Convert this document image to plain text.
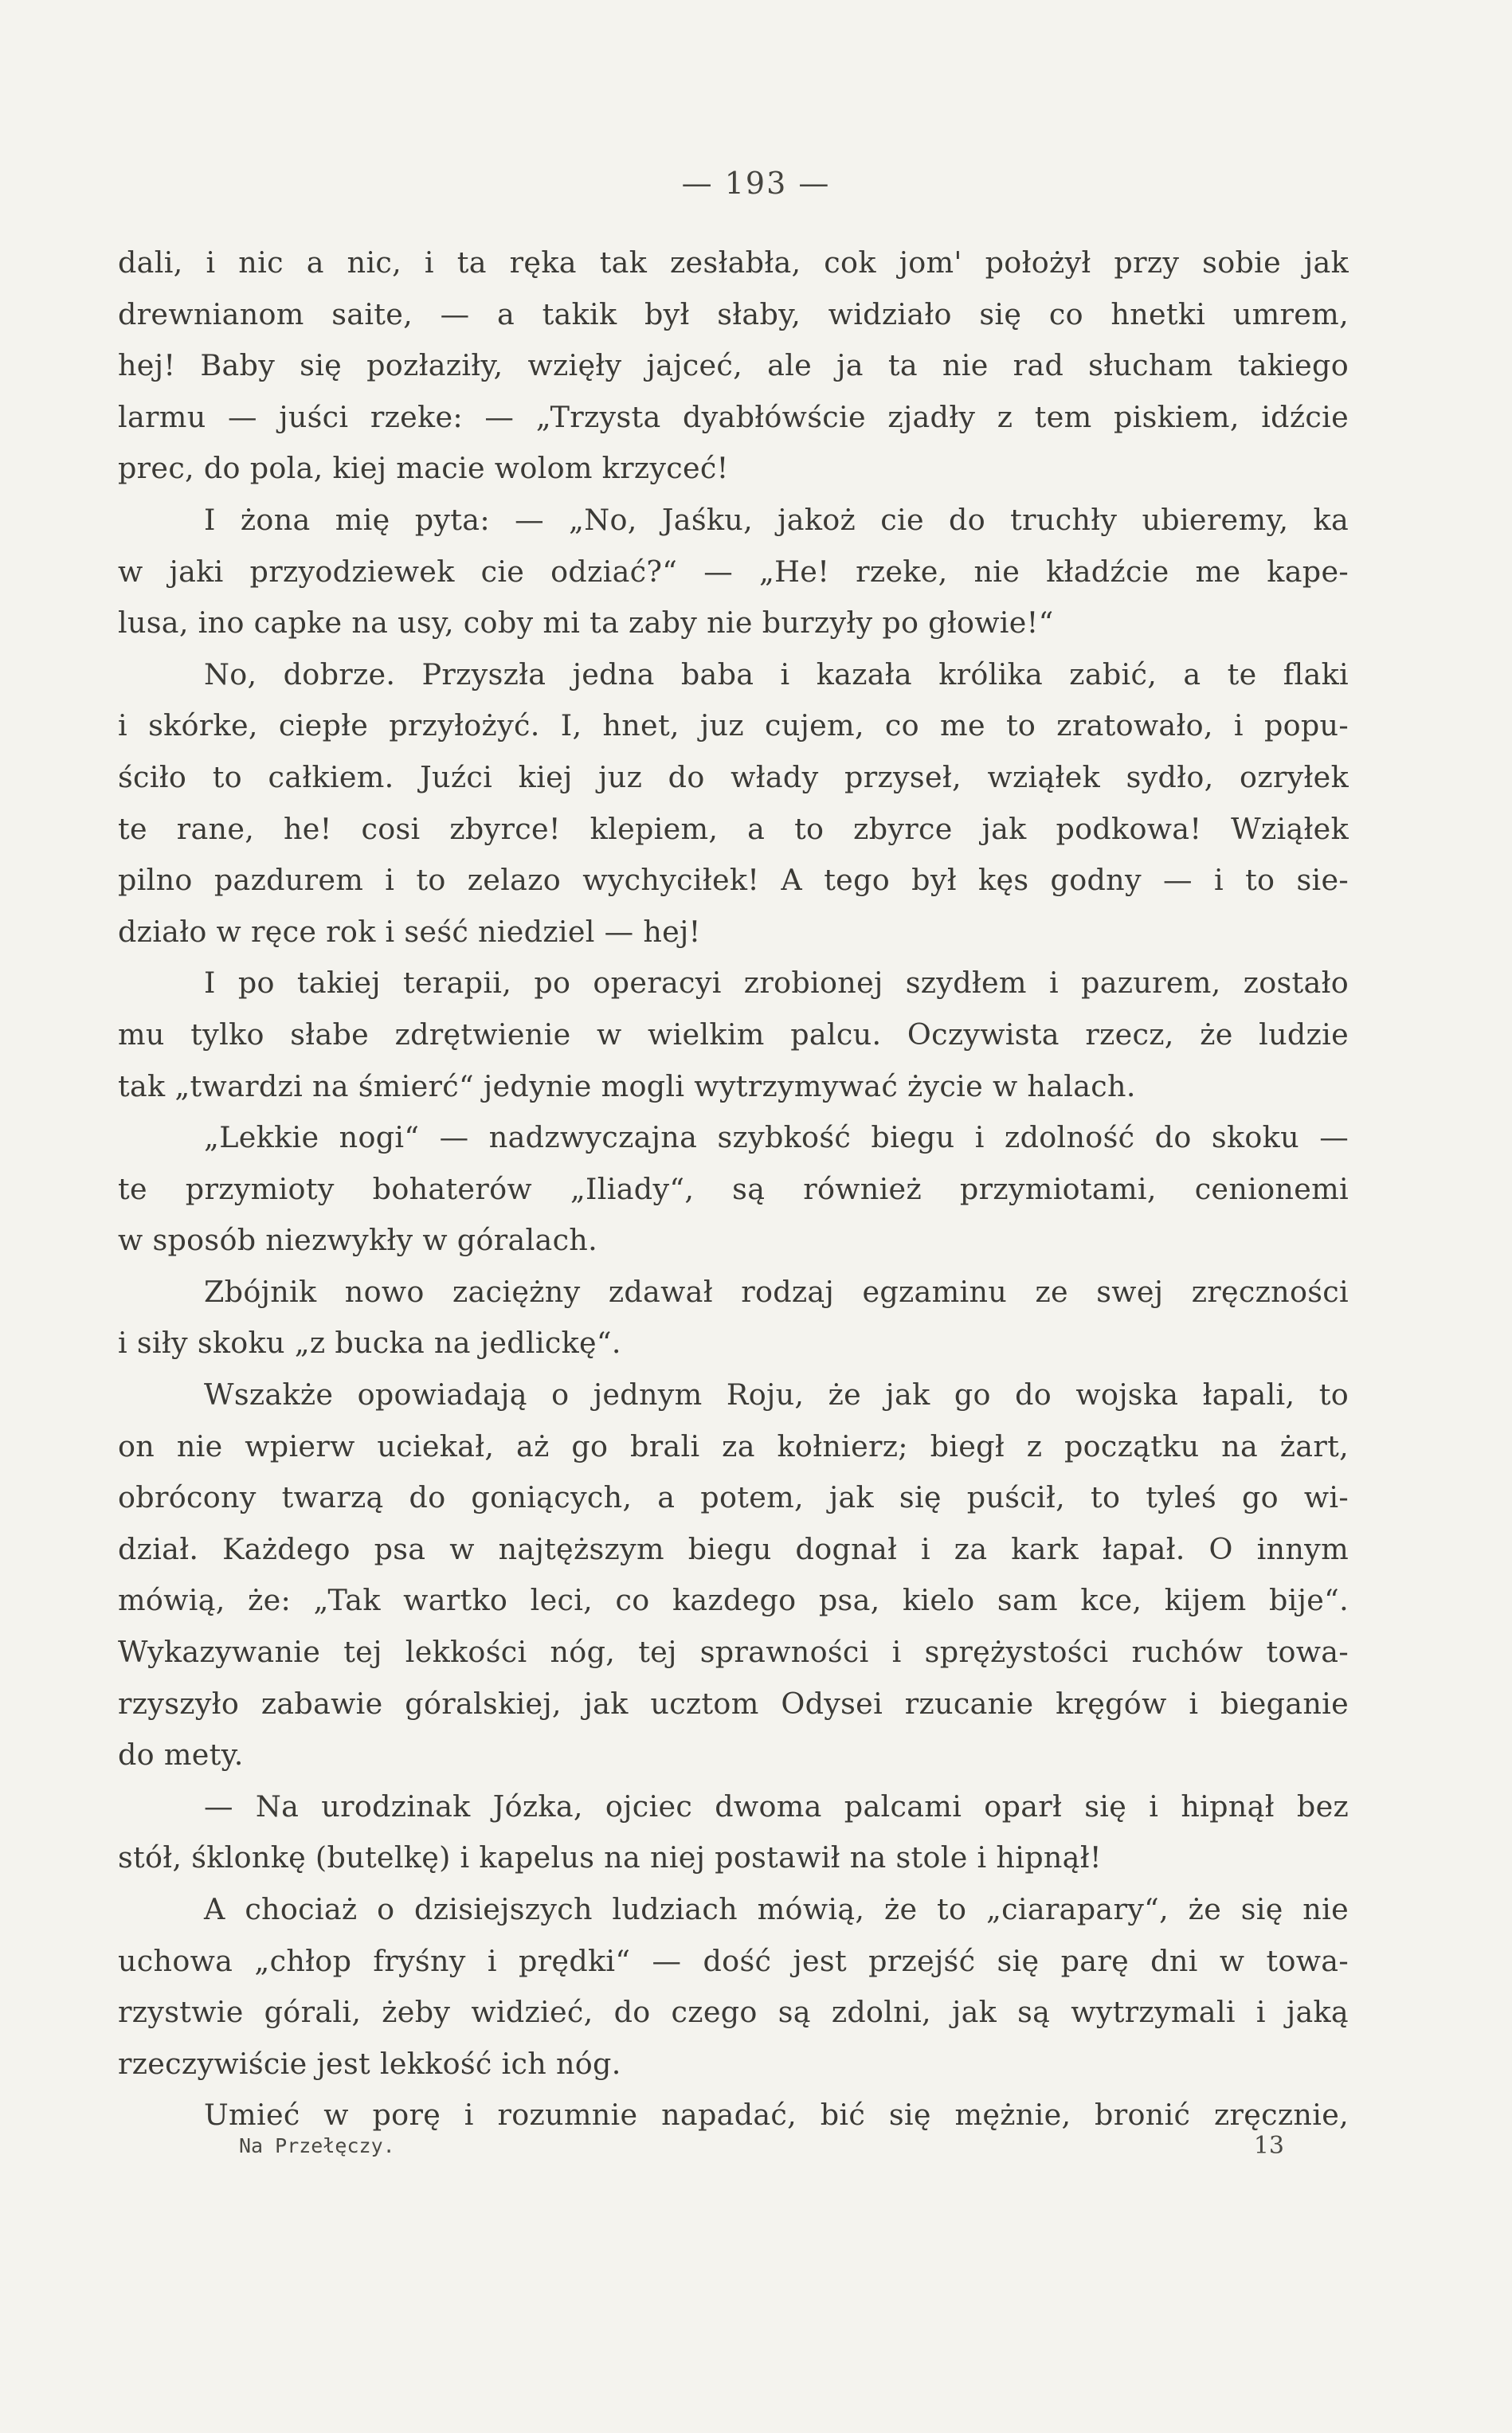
— 193 —
dali, i nic a nic, i ta ręka tak zesłabła, cok jom' położył przy sobie jak
drewnianom saite, — a takik był słaby, widziało się co hnetki umrem,
hej! Baby się pozłaziły, wzięły jajceć, ale ja ta nie rad słucham takiego
larmu — juści rzeke: — „Trzysta dyabłówście zjadły z tem piskiem, idźcie
prec, do pola, kiej macie wolom krzyceć!
I żona mię pyta: — „No, Jaśku, jakoż cie do truchły ubieremy, ka
w jaki przyodziewek cie odziać?“ — „He! rzeke, nie kładźcie me kape-
lusa, ino capke na usy, coby mi ta zaby nie burzyły po głowie!“
No, dobrze. Przyszła jedna baba i kazała królika zabić, a te flaki
i skórke, ciepłe przyłożyć. I, hnet, juz cujem, co me to zratowało, i popu-
ściło to całkiem. Juźci kiej juz do włady przyseł, wziąłek sydło, ozryłek
te rane, he! cosi zbyrce! klepiem, a to zbyrce jak podkowa! Wziąłek
pilno pazdurem i to zelazo wychyciłek! A tego był kęs godny — i to sie-
działo w ręce rok i seść niedziel — hej!
I po takiej terapii, po operacyi zrobionej szydłem i pazurem, zostało
mu tylko słabe zdrętwienie w wielkim palcu. Oczywista rzecz, że ludzie
tak „twardzi na śmierć“ jedynie mogli wytrzymywać życie w halach.
„Lekkie nogi“ — nadzwyczajna szybkość biegu i zdolność do skoku —
te przymioty bohaterów „Iliady“, są również przymiotami, cenionemi
w sposób niezwykły w góralach.
Zbójnik nowo zaciężny zdawał rodzaj egzaminu ze swej zręczności
i siły skoku „z bucka na jedlickę“.
Wszakże opowiadają o jednym Roju, że jak go do wojska łapali, to
on nie wpierw uciekał, aż go brali za kołnierz; biegł z początku na żart,
obrócony twarzą do goniących, a potem, jak się puścił, to tyleś go wi-
dział. Każdego psa w najtęższym biegu dognał i za kark łapał. O innym
mówią, że: „Tak wartko leci, co kazdego psa, kielo sam kce, kijem bije“.
Wykazywanie tej lekkości nóg, tej sprawności i sprężystości ruchów towa-
rzyszyło zabawie góralskiej, jak ucztom Odysei rzucanie kręgów i bieganie
do mety.
— Na urodzinak Józka, ojciec dwoma palcami oparł się i hipnął bez
stół, śklonkę (butelkę) i kapelus na niej postawił na stole i hipnął!
A chociaż o dzisiejszych ludziach mówią, że to „ciarapary“, że się nie
uchowa „chłop fryśny i prędki“ — dość jest przejść się parę dni w towa-
rzystwie górali, żeby widzieć, do czego są zdolni, jak są wytrzymali i jaką
rzeczywiście jest lekkość ich nóg.
Umieć w porę i rozumnie napadać, bić się mężnie, bronić zręcznie,
Na Przełęczy.	13
